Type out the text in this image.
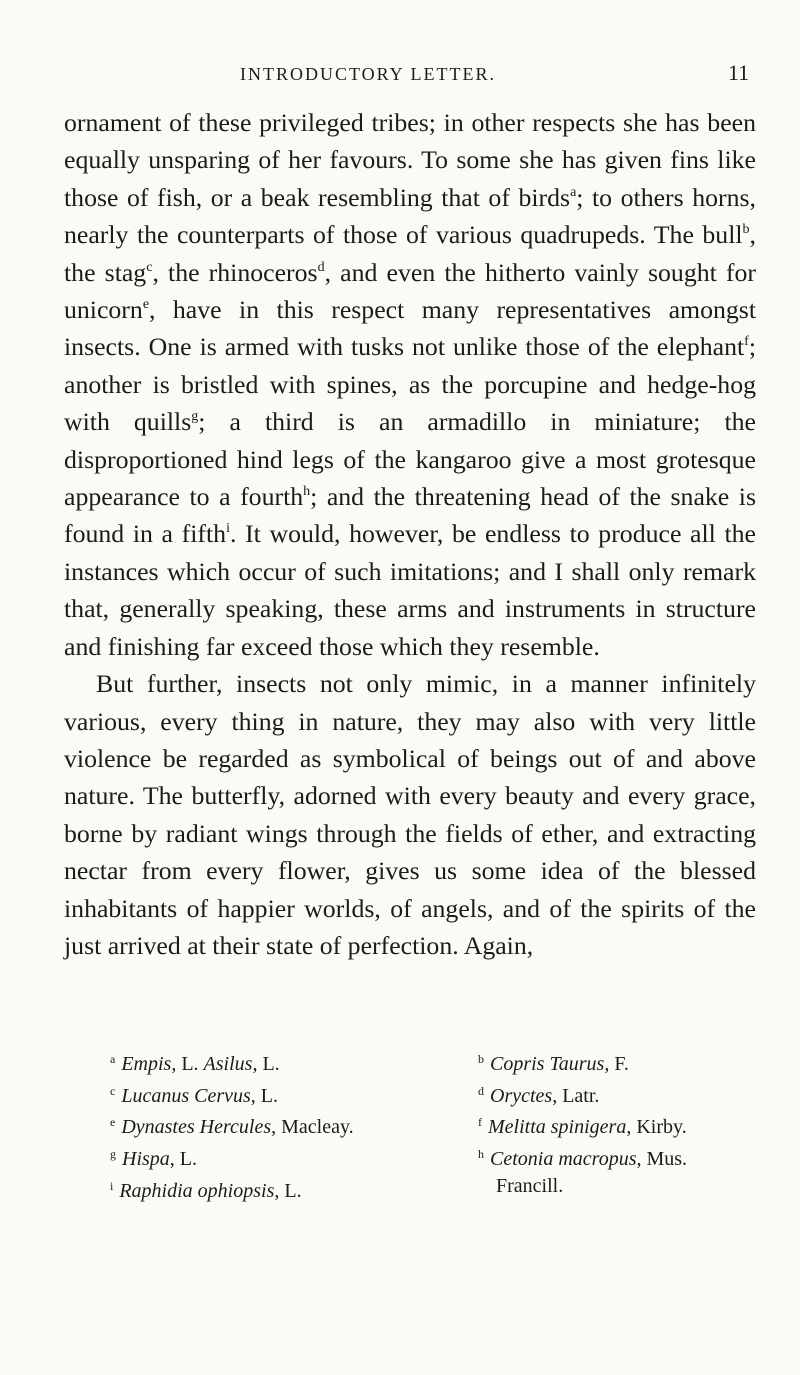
INTRODUCTORY LETTER.	11

ornament of these privileged tribes; in other respects she has been equally unsparing of her favours. To some she has given fins like those of fish, or a beak resembling that of birds$^a$; to others horns, nearly the counterparts of those of various quadrupeds. The bull$^b$, the stag$^c$, the rhinoceros$^d$, and even the hitherto vainly sought for unicorn$^e$, have in this respect many representatives amongst insects. One is armed with tusks not unlike those of the elephant$^f$; another is bristled with spines, as the porcupine and hedge-hog with quills$^g$; a third is an armadillo in miniature; the disproportioned hind legs of the kangaroo give a most grotesque appearance to a fourth$^h$; and the threatening head of the snake is found in a fifth$^i$. It would, however, be endless to produce all the instances which occur of such imitations; and I shall only remark that, generally speaking, these arms and instruments in structure and finishing far exceed those which they resemble.

But further, insects not only mimic, in a manner infinitely various, every thing in nature, they may also with very little violence be regarded as symbolical of beings out of and above nature. The butterfly, adorned with every beauty and every grace, borne by radiant wings through the fields of ether, and extracting nectar from every flower, gives us some idea of the blessed inhabitants of happier worlds, of angels, and of the spirits of the just arrived at their state of perfection. Again,

$^a$ Empis, L. Asilus, L.
$^c$ Lucanus Cervus, L.
$^e$ Dynastes Hercules, Macleay.
$^g$ Hispa, L.
$^i$ Raphidia ophiopsis, L.
$^b$ Copris Taurus, F.
$^d$ Oryctes, Latr.
$^f$ Melitta spinigera, Kirby.
$^h$ Cetonia macropus, Mus.
Francill.
